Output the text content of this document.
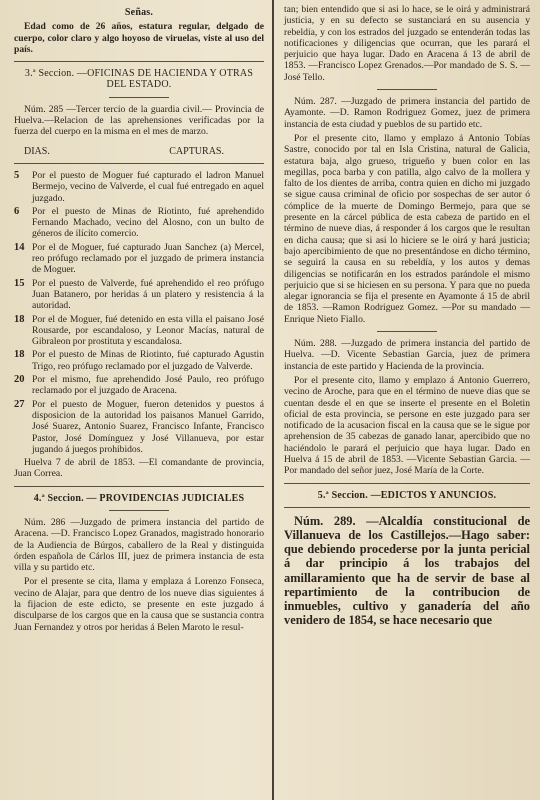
Señas.

Edad como de 26 años, estatura regular, delgado de cuerpo, color claro y algo hoyoso de viruelas, viste al uso del país.

3.ª Seccion. —OFICINAS DE HACIENDA Y OTRAS DEL ESTADO.

Núm. 285 —Tercer tercio de la guardia civil.— Provincia de Huelva.—Relacion de las aprehensiones verificadas por la fuerza del cuerpo en la misma en el mes de marzo.

DIAS.	CAPTURAS.
5	Por el puesto de Moguer fué capturado el ladron Manuel Bermejo, vecino de Valverde, el cual fué entregado en aquel juzgado.
6	Por el puesto de Minas de Riotinto, fué aprehendido Fernando Machado, vecino del Alosno, con un bulto de géneros de ilícito comercio.
14 Por el de Moguer, fué capturado Juan Sanchez (a) Mercel, reo prófugo reclamado por el juzgado de primera instancia de Moguer.
15 Por el puesto de Valverde, fué aprehendido el reo prófugo Juan Batanero, por heridas á un platero y resistencia á la autoridad.
18 Por el de Moguer, fué detenido en esta villa el paisano José Rousarde, por escandaloso, y Leonor Macías, natural de Gibraleon por prostituta y escandalosa.
18 Por el puesto de Minas de Riotinto, fué capturado Agustin Trigo, reo prófugo reclamado por el juzgado de Valverde.
20 Por el mismo, fue aprehendido José Paulo, reo prófugo reclamado por el juzgado de Aracena.
27 Por el puesto de Moguer, fueron detenidos y puestos á disposicion de la autoridad los paisanos Manuel Garrido, José Suarez, Antonio Suarez, Francisco Infante, Francisco Pastor, José Domínguez y José Villanueva, por estar jugando á juegos prohibidos.

Huelva 7 de abril de 1853. —El comandante de provincia, Juan Correa.

4.ª Seccion. — PROVIDENCIAS JUDICIALES

Núm. 286 —Juzgado de primera instancia del partido de Aracena. —D. Francisco Lopez Granados, magistrado honorario de la Audiencia de Búrgos, caballero de la Real y distinguida órden española de Cárlos III, juez de primera instancia de esta villa y su partido etc.

Por el presente se cita, llama y emplaza á Lorenzo Fonseca, vecino de Alajar, para que dentro de los nueve dias siguientes á la fijacion de este edicto, se presente en este juzgado á disculparse de los cargos que en la causa que se sustancia contra Juan Fernandez y otros por heridas á Belen Maroto le resul-

tan; bien entendido que si asi lo hace, se le oirá y administrará justicia, y en su defecto se sustanciará en su ausencia y rebeldía, y con los estrados del juzgado se entenderán todas las notificaciones y diligencias que ocurran, que les parará el perjuicio que haya lugar. Dado en Aracena á 13 de abril de 1853. —Francisco Lopez Grenados.—Por mandado de S. S. —José Tello.

Núm. 287. —Juzgado de primera instancia del partido de Ayamonte. —D. Ramon Rodriguez Gomez, juez de primera instancia de esta ciudad y pueblos de su partido etc.

Por el presente cito, llamo y emplazo á Antonio Tobías Sastre, conocido por tal en Isla Cristina, natural de Galicia, estatura baja, algo grueso, trigueño y buen color en las megillas, poca barba y con patilla, algo calvo de la mollera y falto de los dientes de arriba, contra quien en dicho mi juzgado se sigue causa criminal de oficio por sospechas de ser autor ó cómplice de la muerte de Domingo Bermejo, para que se presente en la cárcel pública de esta cabeza de partido en el término de nueve dias, á responder á los cargos que le resultan en dicha causa; que si asi lo hiciere se le oirá y hará justicia; bajo apercibimiento de que no presentándose en dicho término, se seguirá la causa en su rebeldía, y los autos y demas diligencias se notificarán en los estrados parándole el mismo perjuicio que si se hiciesen en su persona. Y para que no pueda alegar ignorancia se fija el presente en Ayamonte á 15 de abril de 1853. —Ramon Rodriguez Gomez. —Por su mandado — Enrique Nieto Fiallo.

Núm. 288. —Juzgado de primera instancia del partido de Huelva. —D. Vicente Sebastian Garcia, juez de primera instancia de este partido y Hacienda de la provincia.

Por el presente cito, llamo y emplazo á Antonio Guerrero, vecino de Aroche, para que en el término de nueve dias que se cuentan desde el en que se inserte el presente en el Boletin oficial de esta provincia, se persone en este juzgado para ser notificado de la acusacion fiscal en la causa que se le sigue por aprehension de 35 cabezas de ganado lanar, apercibido que no haciéndolo le parará el perjuicio que haya lugar. Dado en Huelva á 15 de abril de 1853. —Vicente Sebastian Garcia. —Por mandado del señor juez, José María de la Corte.

5.ª Seccion. —EDICTOS Y ANUNCIOS.

Núm. 289. —Alcaldía constitucional de Villanueva de los Castillejos.—Hago saber: que debiendo procederse por la junta pericial á dar principio á los trabajos del amillaramiento que ha de servir de base al repartimiento de la contribucion de inmuebles, cultivo y ganadería del año venidero de 1854, se hace necesario que
